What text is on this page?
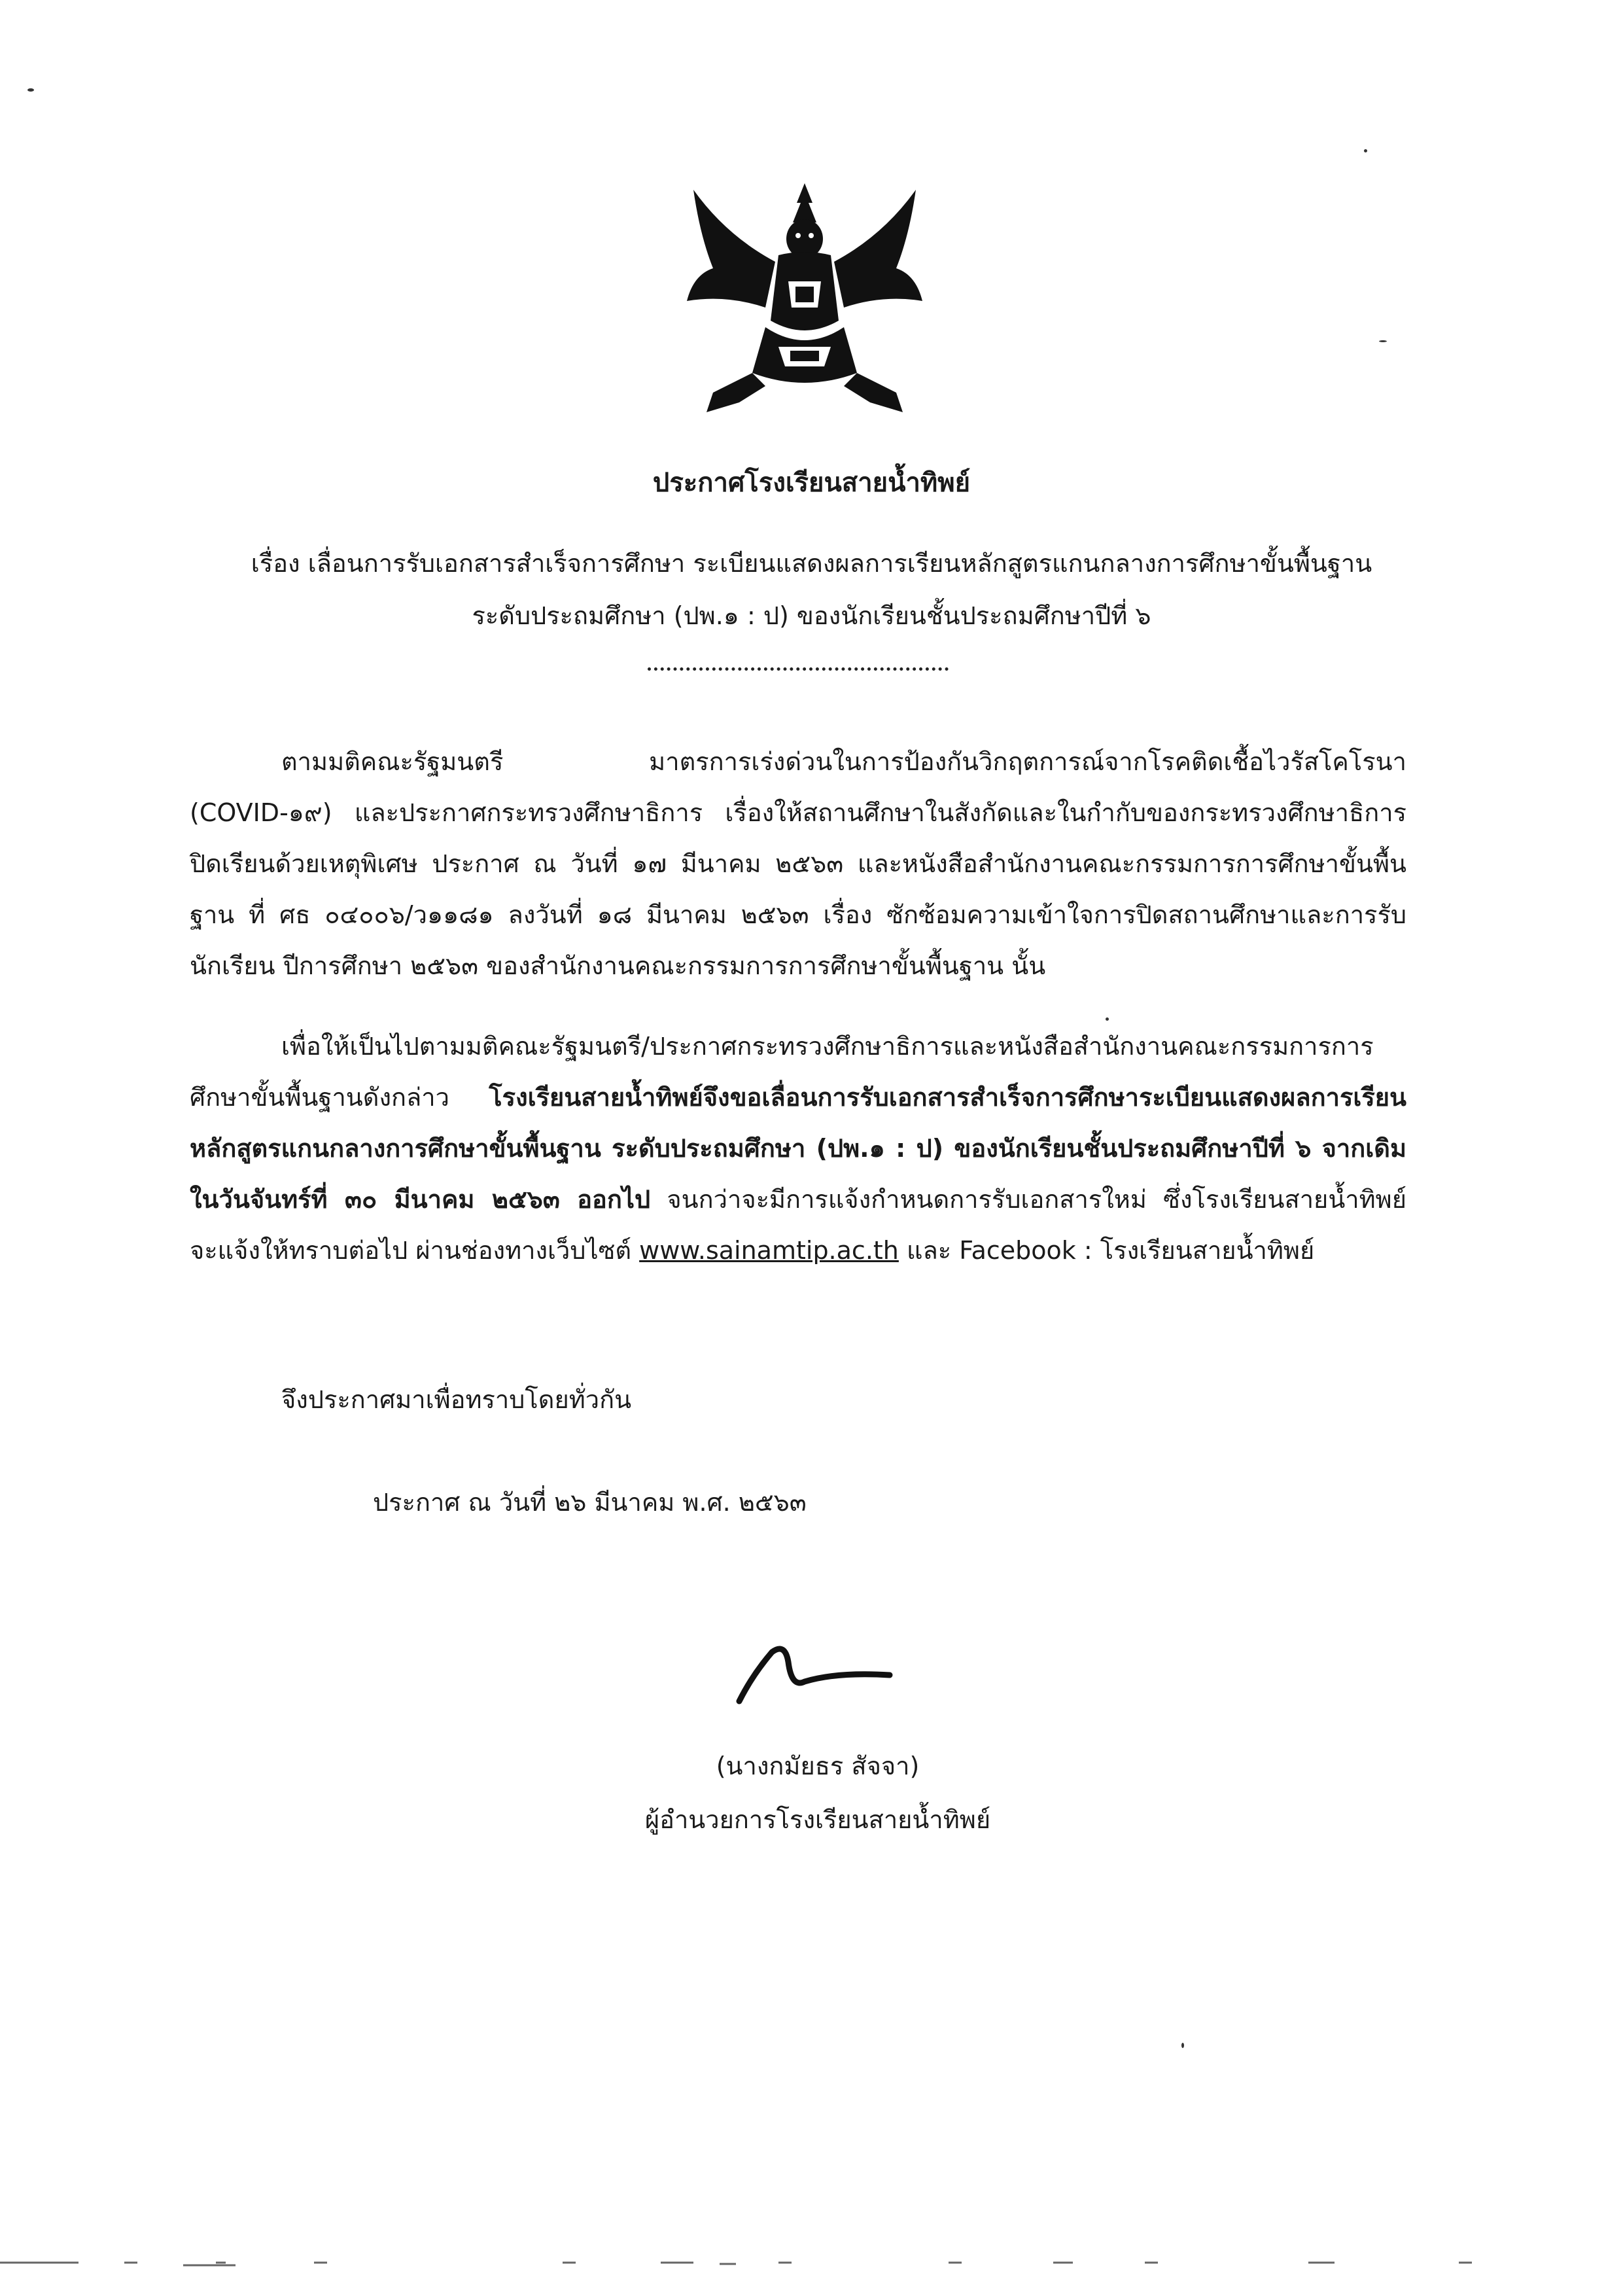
ประกาศโรงเรียนสายน้ำทิพย์
เรื่อง เลื่อนการรับเอกสารสำเร็จการศึกษา ระเบียนแสดงผลการเรียนหลักสูตรแกนกลางการศึกษาขั้นพื้นฐาน
ระดับประถมศึกษา (ปพ.๑ : ป) ของนักเรียนชั้นประถมศึกษาปีที่ ๖
ตามมติคณะรัฐมนตรี มาตรการเร่งด่วนในการป้องกันวิกฤตการณ์จากโรคติดเชื้อไวรัสโคโรนา (COVID-๑๙) และประกาศกระทรวงศึกษาธิการ เรื่องให้สถานศึกษาในสังกัดและในกำกับของกระทรวงศึกษาธิการปิดเรียนด้วยเหตุพิเศษ ประกาศ ณ วันที่ ๑๗ มีนาคม ๒๕๖๓ และหนังสือสำนักงานคณะกรรมการการศึกษาขั้นพื้นฐาน ที่ ศธ ๐๔๐๐๖/ว๑๑๘๑ ลงวันที่ ๑๘ มีนาคม ๒๕๖๓ เรื่อง ซักซ้อมความเข้าใจการปิดสถานศึกษาและการรับนักเรียน ปีการศึกษา ๒๕๖๓ ของสำนักงานคณะกรรมการการศึกษาขั้นพื้นฐาน นั้น
เพื่อให้เป็นไปตามมติคณะรัฐมนตรี/ประกาศกระทรวงศึกษาธิการและหนังสือสำนักงานคณะกรรมการการศึกษาขั้นพื้นฐานดังกล่าว โรงเรียนสายน้ำทิพย์จึงขอเลื่อนการรับเอกสารสำเร็จการศึกษาระเบียนแสดงผลการเรียนหลักสูตรแกนกลางการศึกษาขั้นพื้นฐาน ระดับประถมศึกษา (ปพ.๑ : ป) ของนักเรียนชั้นประถมศึกษาปีที่ ๖ จากเดิมในวันจันทร์ที่ ๓๐ มีนาคม ๒๕๖๓ ออกไป จนกว่าจะมีการแจ้งกำหนดการรับเอกสารใหม่ ซึ่งโรงเรียนสายน้ำทิพย์จะแจ้งให้ทราบต่อไป ผ่านช่องทางเว็บไซต์ www.sainamtip.ac.th และ Facebook : โรงเรียนสายน้ำทิพย์
จึงประกาศมาเพื่อทราบโดยทั่วกัน
ประกาศ ณ วันที่ ๒๖ มีนาคม พ.ศ. ๒๕๖๓
(นางกมัยธร สัจจา)
ผู้อำนวยการโรงเรียนสายน้ำทิพย์
